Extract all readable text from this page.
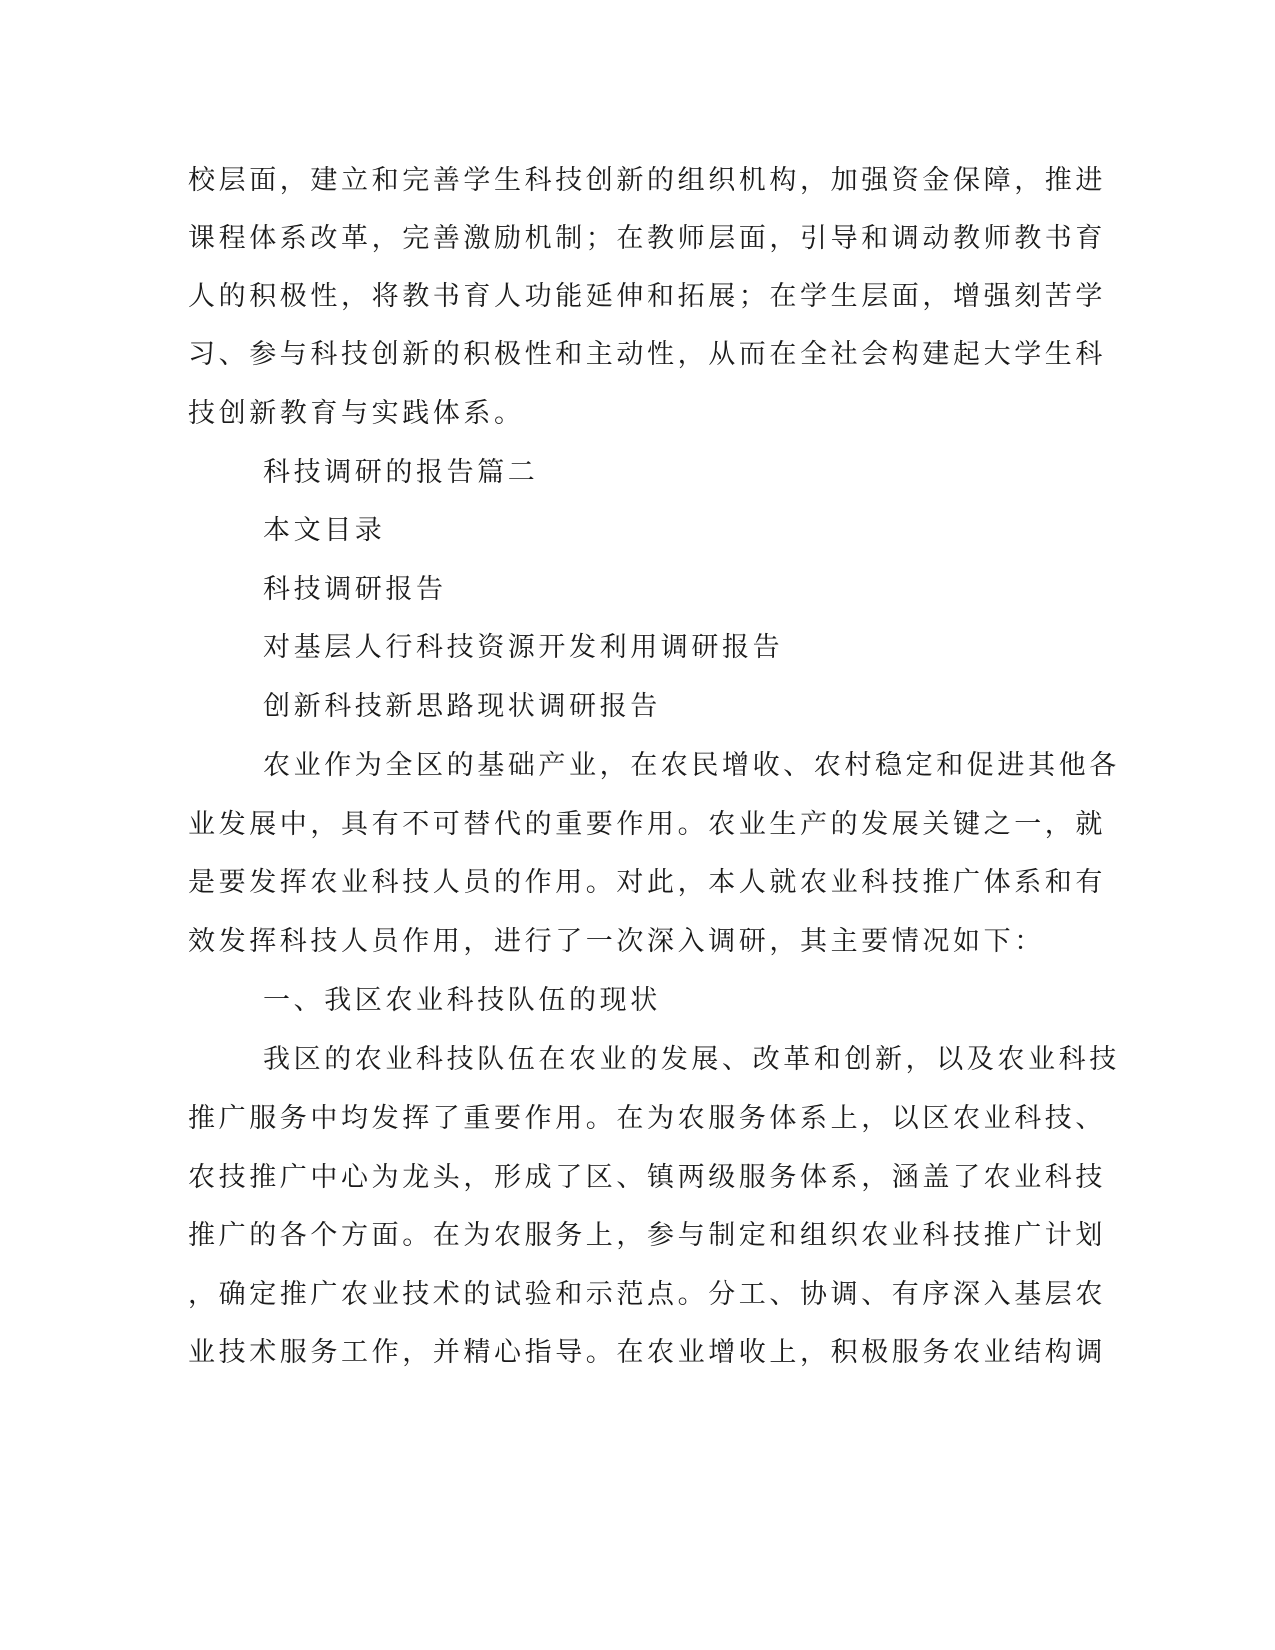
校层面，建立和完善学生科技创新的组织机构，加强资金保障，推进
课程体系改革，完善激励机制；在教师层面，引导和调动教师教书育
人的积极性，将教书育人功能延伸和拓展；在学生层面，增强刻苦学
习、参与科技创新的积极性和主动性，从而在全社会构建起大学生科
技创新教育与实践体系。
科技调研的报告篇二
本文目录
科技调研报告
对基层人行科技资源开发利用调研报告
创新科技新思路现状调研报告
农业作为全区的基础产业，在农民增收、农村稳定和促进其他各
业发展中，具有不可替代的重要作用。农业生产的发展关键之一，就
是要发挥农业科技人员的作用。对此，本人就农业科技推广体系和有
效发挥科技人员作用，进行了一次深入调研，其主要情况如下：
一、我区农业科技队伍的现状
我区的农业科技队伍在农业的发展、改革和创新，以及农业科技
推广服务中均发挥了重要作用。在为农服务体系上，以区农业科技、
农技推广中心为龙头，形成了区、镇两级服务体系，涵盖了农业科技
推广的各个方面。在为农服务上，参与制定和组织农业科技推广计划
，确定推广农业技术的试验和示范点。分工、协调、有序深入基层农
业技术服务工作，并精心指导。在农业增收上，积极服务农业结构调
